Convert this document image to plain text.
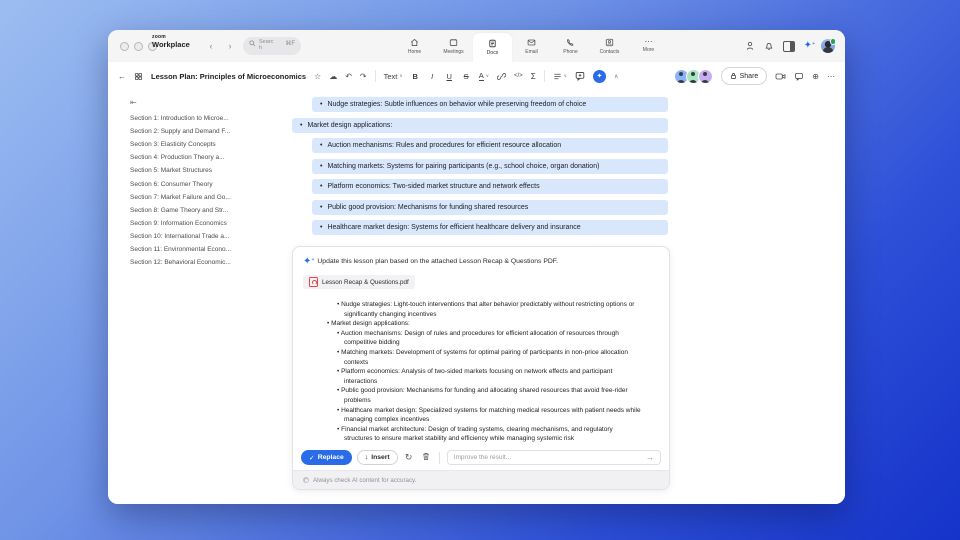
zoom
Workplace	‹	›	Search
⌘F
Home	Meetings	Docs	Email	Phone	Contacts
⋯
More	✦ +
←	Lesson Plan: Principles of Microeconomics ☆ ☁ ↶ ↷ Text ∨ B	I	U S A ∨	</> Σ	∨	✦	∧	Share	⊕ ⋯
⇤
Section 1: Introduction to Microe...
Section 2: Supply and Demand F...
Section 3: Elasticity Concepts
Section 4: Production Theory a...
Section 5: Market Structures
Section 6: Consumer Theory
Section 7: Market Failure and Go...
Section 8: Game Theory and Str...
Section 9: Information Economics
Section 10: International Trade a...
Section 11: Environmental Econo...
Section 12: Behavioral Economic...
• Nudge strategies: Subtle influences on behavior while preserving freedom of choice
• Market design applications:
• Auction mechanisms: Rules and procedures for efficient resource allocation
• Matching markets: Systems for pairing participants (e.g., school choice, organ donation)
• Platform economics: Two-sided market structure and network effects
• Public good provision: Mechanisms for funding shared resources
• Healthcare market design: Systems for efficient healthcare delivery and insurance
✦ + Update this lesson plan based on the attached Lesson Recap & Questions PDF.
Lesson Recap & Questions.pdf
• Nudge strategies: Light-touch interventions that alter behavior predictably without restricting options or significantly changing incentives
• Market design applications:
• Auction mechanisms: Design of rules and procedures for efficient allocation of resources through competitive bidding
• Matching markets: Development of systems for optimal pairing of participants in non-price allocation contexts
• Platform economics: Analysis of two-sided markets focusing on network effects and participant interactions
• Public good provision: Mechanisms for funding and allocating shared resources that avoid free-rider problems
• Healthcare market design: Specialized systems for matching medical resources with patient needs while managing complex incentives
• Financial market architecture: Design of trading systems, clearing mechanisms, and regulatory structures to ensure market stability and efficiency while managing systemic risk
✓ Replace	↓ Insert ↻
Improve the result...	→
Always check AI content for accuracy.
